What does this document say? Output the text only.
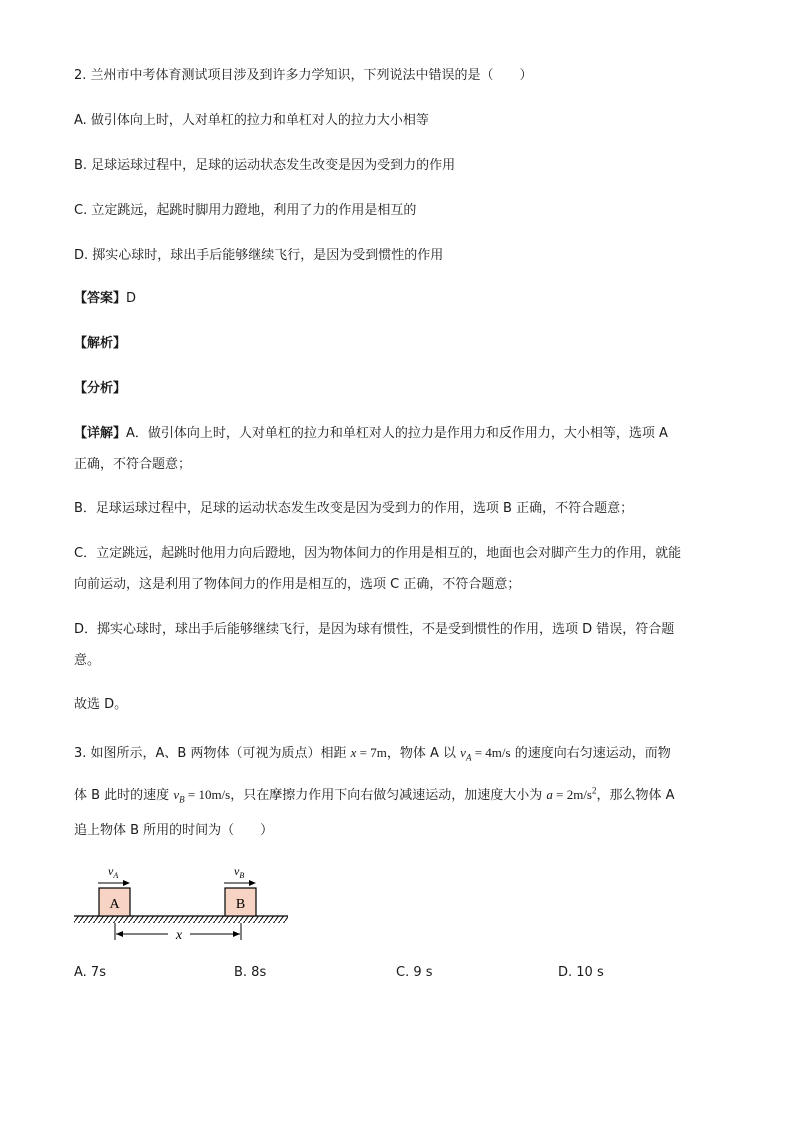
2. 兰州市中考体育测试项目涉及到许多力学知识，下列说法中错误的是（　　）
A. 做引体向上时，人对单杠的拉力和单杠对人的拉力大小相等
B. 足球运球过程中，足球的运动状态发生改变是因为受到力的作用
C. 立定跳远，起跳时脚用力蹬地，利用了力的作用是相互的
D. 掷实心球时，球出手后能够继续飞行，是因为受到惯性的作用
【答案】D
【解析】
【分析】
【详解】A．做引体向上时，人对单杠的拉力和单杠对人的拉力是作用力和反作用力，大小相等，选项 A
正确，不符合题意；
B．足球运球过程中，足球的运动状态发生改变是因为受到力的作用，选项 B 正确，不符合题意；
C．立定跳远，起跳时他用力向后蹬地，因为物体间力的作用是相互的，地面也会对脚产生力的作用，就能
向前运动，这是利用了物体间力的作用是相互的，选项 C 正确，不符合题意；
D．掷实心球时，球出手后能够继续飞行，是因为球有惯性，不是受到惯性的作用，选项 D 错误，符合题
意。
故选 D。
3. 如图所示，A、B 两物体（可视为质点）相距 x = 7m，物体 A 以 $v_A = 4m/s$ 的速度向右匀速运动，而物
体 B 此时的速度 $v_B = 10m/s$，只在摩擦力作用下向右做匀减速运动，加速度大小为 $a = 2m/s^2$，那么物体 A
追上物体 B 所用的时间为（　　）
A	B
$v_A$	$v_B$
x
A. 7s	B. 8s	C. 9 s	D. 10 s
